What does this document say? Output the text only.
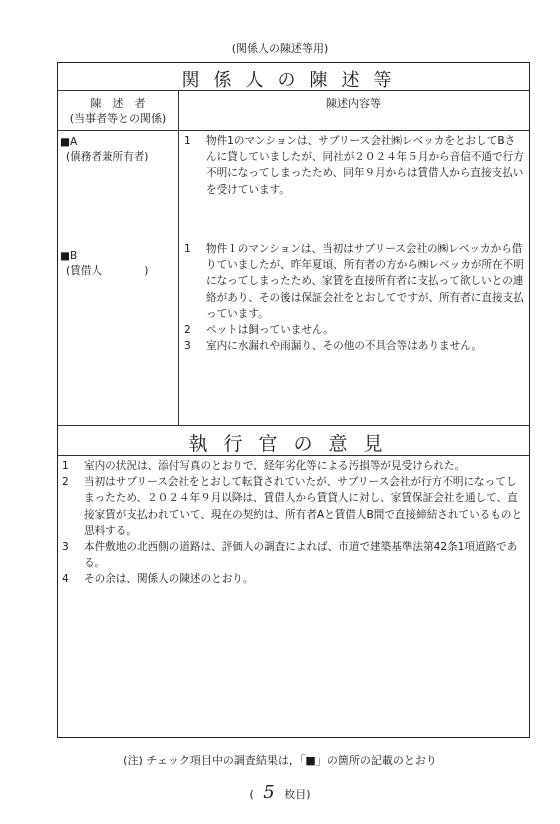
(関係人の陳述等用)
関係人の陳述等
陳　述　者
(当事者等との関係)
陳述内容等
■A
(債務者兼所有者)
1	物件1のマンションは、サブリース会社㈱レベッカをとおしてBさんに貸していましたが、同社が２０２４年５月から音信不通で行方不明になってしまったため、同年９月からは賃借人から直接支払いを受けています。
■B
(賃借人　　　　)
1	物件１のマンションは、当初はサブリース会社の㈱レベッカから借りていましたが、昨年夏頃、所有者の方から㈱レベッカが所在不明になってしまったため、家賃を直接所有者に支払って欲しいとの連絡があり、その後は保証会社をとおしてですが、所有者に直接支払っています。
2	ペットは飼っていません。
3	室内に水漏れや雨漏り、その他の不具合等はありません。
執行官の意見
1	室内の状況は、添付写真のとおりで、経年劣化等による汚損等が見受けられた。
2	当初はサブリース会社をとおして転貸されていたが、サブリース会社が行方不明になってしまったため、２０２４年９月以降は、賃借人から賃貸人に対し、家賃保証会社を通して、直接家賃が支払われていて、現在の契約は、所有者Aと賃借人B間で直接締結されているものと思料する。
3	本件敷地の北西側の道路は、評価人の調査によれば、市道で建築基準法第42条1項道路である。
4	その余は、関係人の陳述のとおり。
(注) チェック項目中の調査結果は，「■」の箇所の記載のとおり
( 5 枚目)
